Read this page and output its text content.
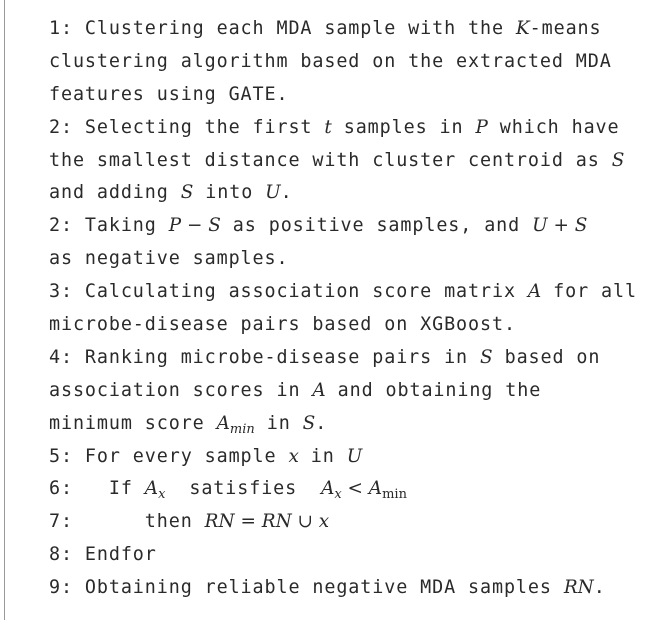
1: Clustering each MDA sample with the K-means
clustering algorithm based on the extracted MDA
features using GATE.
2: Selecting the first t samples in P which have
the smallest distance with cluster centroid as S
and adding S into U.
2: Taking P − S as positive samples, and U + S
as negative samples.
3: Calculating association score matrix A for all
microbe-disease pairs based on XGBoost.
4: Ranking microbe-disease pairs in S based on
association scores in A and obtaining the
minimum score $A_{min}$ in S.
5: For every sample x in U
6:   If $A_x$  satisfies  $A_x < A_{min}$
7:      then RN = RN ∪ x
8: Endfor
9: Obtaining reliable negative MDA samples RN.
